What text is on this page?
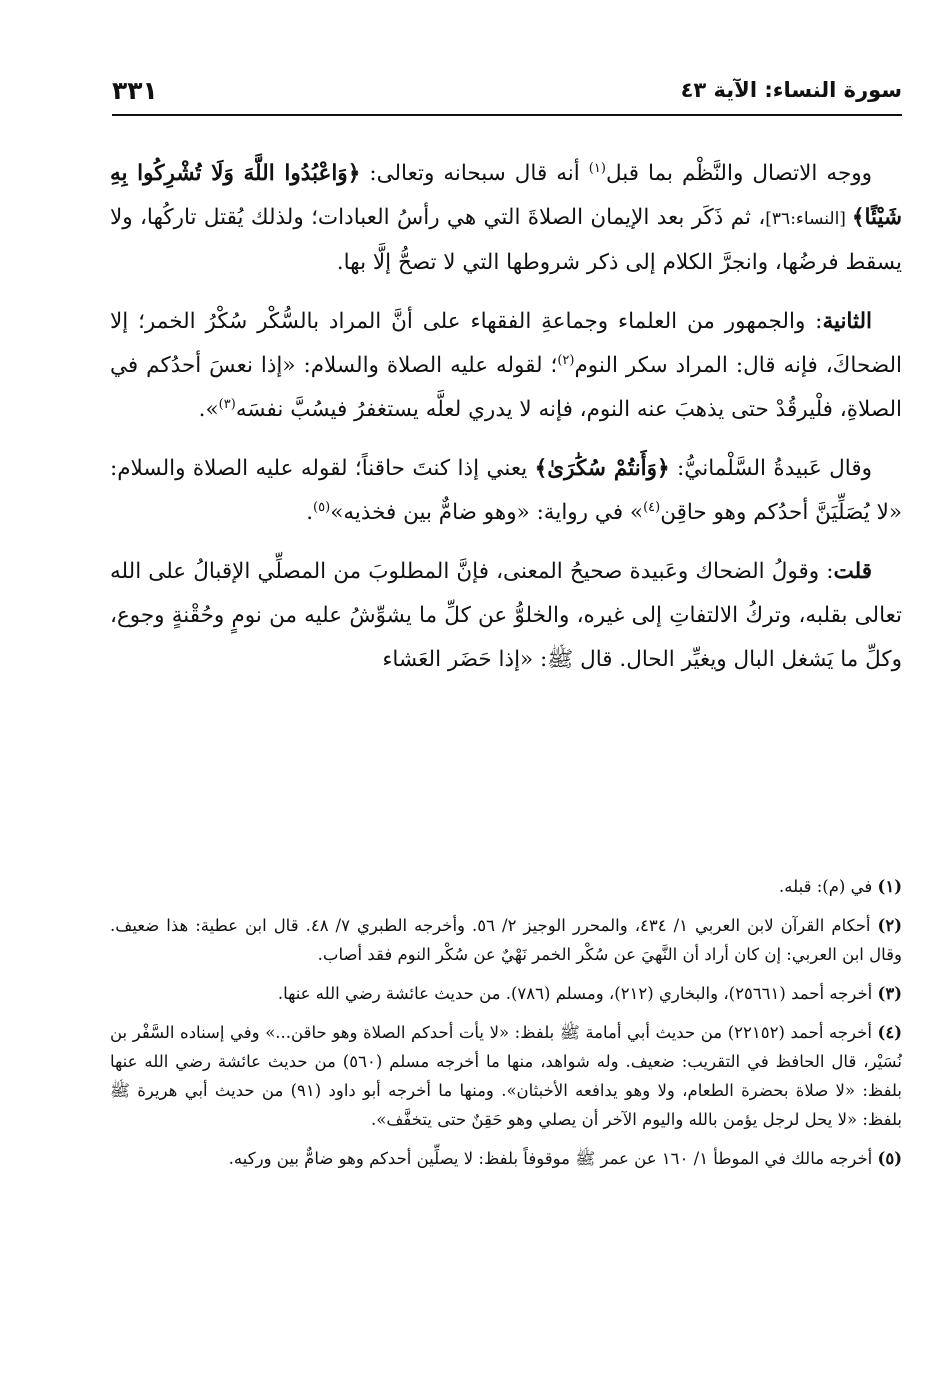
سورة النساء: الآية ٤٣
٣٣١

ووجه الاتصال والنَّظْم بما قبل$^{(١)}$ أنه قال سبحانه وتعالى: ﴿وَاعْبُدُوا اللَّهَ وَلَا تُشْرِكُوا بِهِ شَيْئًا﴾ [النساء:٣٦]، ثم ذَكَر بعد الإيمان الصلاةَ التي هي رأسُ العبادات؛ ولذلك يُقتل تاركُها، ولا يسقط فرضُها، وانجرَّ الكلام إلى ذكر شروطها التي لا تصحُّ إلَّا بها.

الثانية: والجمهور من العلماء وجماعةِ الفقهاء على أنَّ المراد بالسُّكْر سُكْرُ الخمر؛ إلا الضحاكَ، فإنه قال: المراد سكر النوم$^{(٢)}$؛ لقوله عليه الصلاة والسلام: «إذا نعسَ أحدُكم في الصلاةِ، فلْيرقُدْ حتى يذهبَ عنه النوم، فإنه لا يدري لعلَّه يستغفرُ فيسُبَّ نفسَه$^{(٣)}$».

وقال عَبيدةُ السَّلْمانيُّ: ﴿وَأَنتُمْ سُكَٰرَىٰ﴾ يعني إذا كنتَ حاقناً؛ لقوله عليه الصلاة والسلام: «لا يُصَلِّيَنَّ أحدُكم وهو حاقِن$^{(٤)}$» في رواية: «وهو ضامٌّ بين فخذيه»$^{(٥)}$.

قلت: وقولُ الضحاك وعَبيدة صحيحُ المعنى، فإنَّ المطلوبَ من المصلِّي الإقبالُ على الله تعالى بقلبه، وتركُ الالتفاتِ إلى غيره، والخلوُّ عن كلِّ ما يشوِّشُ عليه من نومٍ وحُقْنةٍ وجوع، وكلِّ ما يَشغل البال ويغيِّر الحال. قال ﷺ: «إذا حَضَر العَشاء

(١) في (م): قبله.

(٢) أحكام القرآن لابن العربي ١/ ٤٣٤، والمحرر الوجيز ٢/ ٥٦. وأخرجه الطبري ٧/ ٤٨. قال ابن عطية: هذا ضعيف. وقال ابن العربي: إن كان أراد أن النَّهيَ عن سُكْر الخمر نَهْيٌ عن سُكْر النوم فقد أصاب.

(٣) أخرجه أحمد (٢٥٦٦١)، والبخاري (٢١٢)، ومسلم (٧٨٦). من حديث عائشة رضي الله عنها.

(٤) أخرجه أحمد (٢٢١٥٢) من حديث أبي أمامة ﷺ بلفظ: «لا يأت أحدكم الصلاة وهو حاقن...» وفي إسناده السَّفْر بن نُسَيْر، قال الحافظ في التقريب: ضعيف. وله شواهد، منها ما أخرجه مسلم (٥٦٠) من حديث عائشة رضي الله عنها بلفظ: «لا صلاة بحضرة الطعام، ولا وهو يدافعه الأخبثان». ومنها ما أخرجه أبو داود (٩١) من حديث أبي هريرة ﷺ بلفظ: «لا يحل لرجل يؤمن بالله واليوم الآخر أن يصلي وهو حَقِنٌ حتى يتخفَّف».

(٥) أخرجه مالك في الموطأ ١/ ١٦٠ عن عمر ﷺ موقوفاً بلفظ: لا يصلِّين أحدكم وهو ضامٌّ بين وركيه.
